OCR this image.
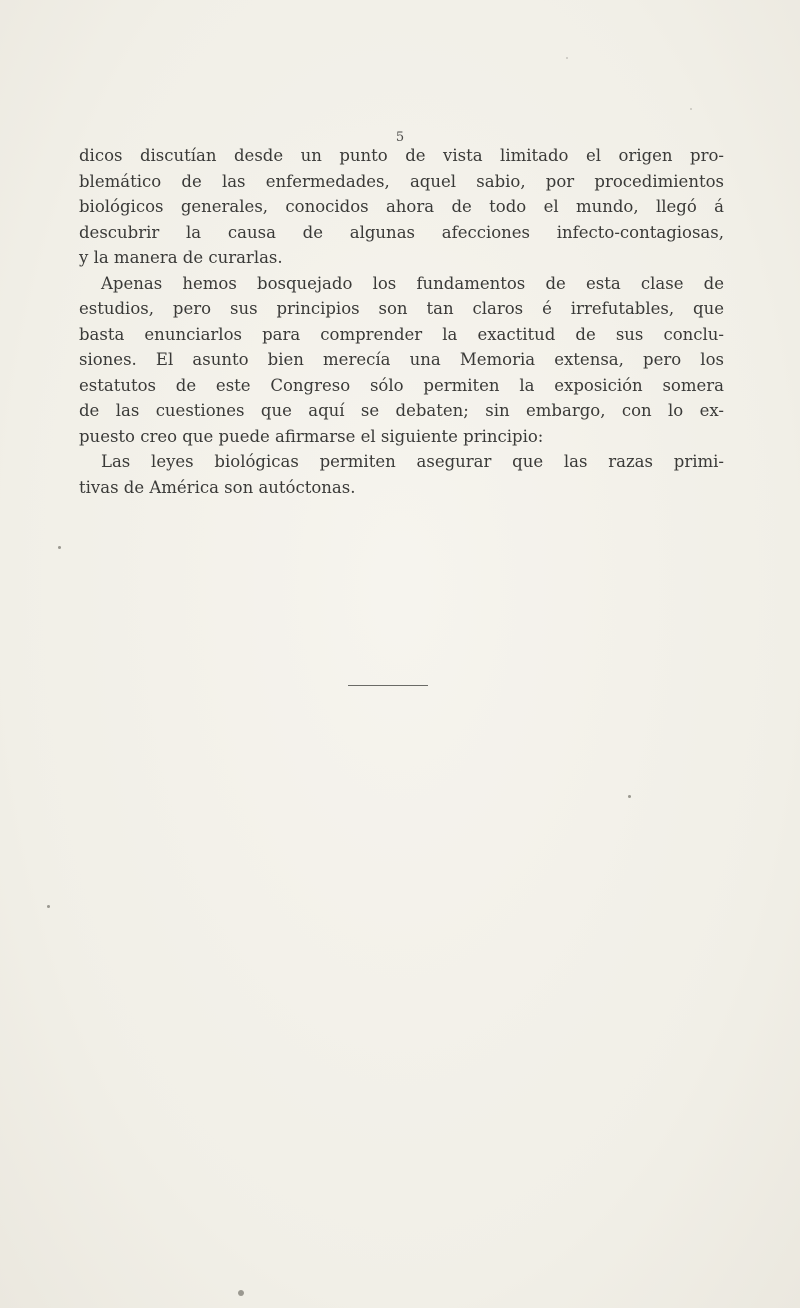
5
dicos discutían desde un punto de vista limitado el origen pro-
blemático de las enfermedades, aquel sabio, por procedimientos
biológicos generales, conocidos ahora de todo el mundo, llegó á
descubrir la causa de algunas afecciones infecto-contagiosas,
y la manera de curarlas.
Apenas hemos bosquejado los fundamentos de esta clase de
estudios, pero sus principios son tan claros é irrefutables, que
basta enunciarlos para comprender la exactitud de sus conclu-
siones. El asunto bien merecía una Memoria extensa, pero los
estatutos de este Congreso sólo permiten la exposición somera
de las cuestiones que aquí se debaten; sin embargo, con lo ex-
puesto creo que puede afirmarse el siguiente principio:
Las leyes biológicas permiten asegurar que las razas primi-
tivas de América son autóctonas.
